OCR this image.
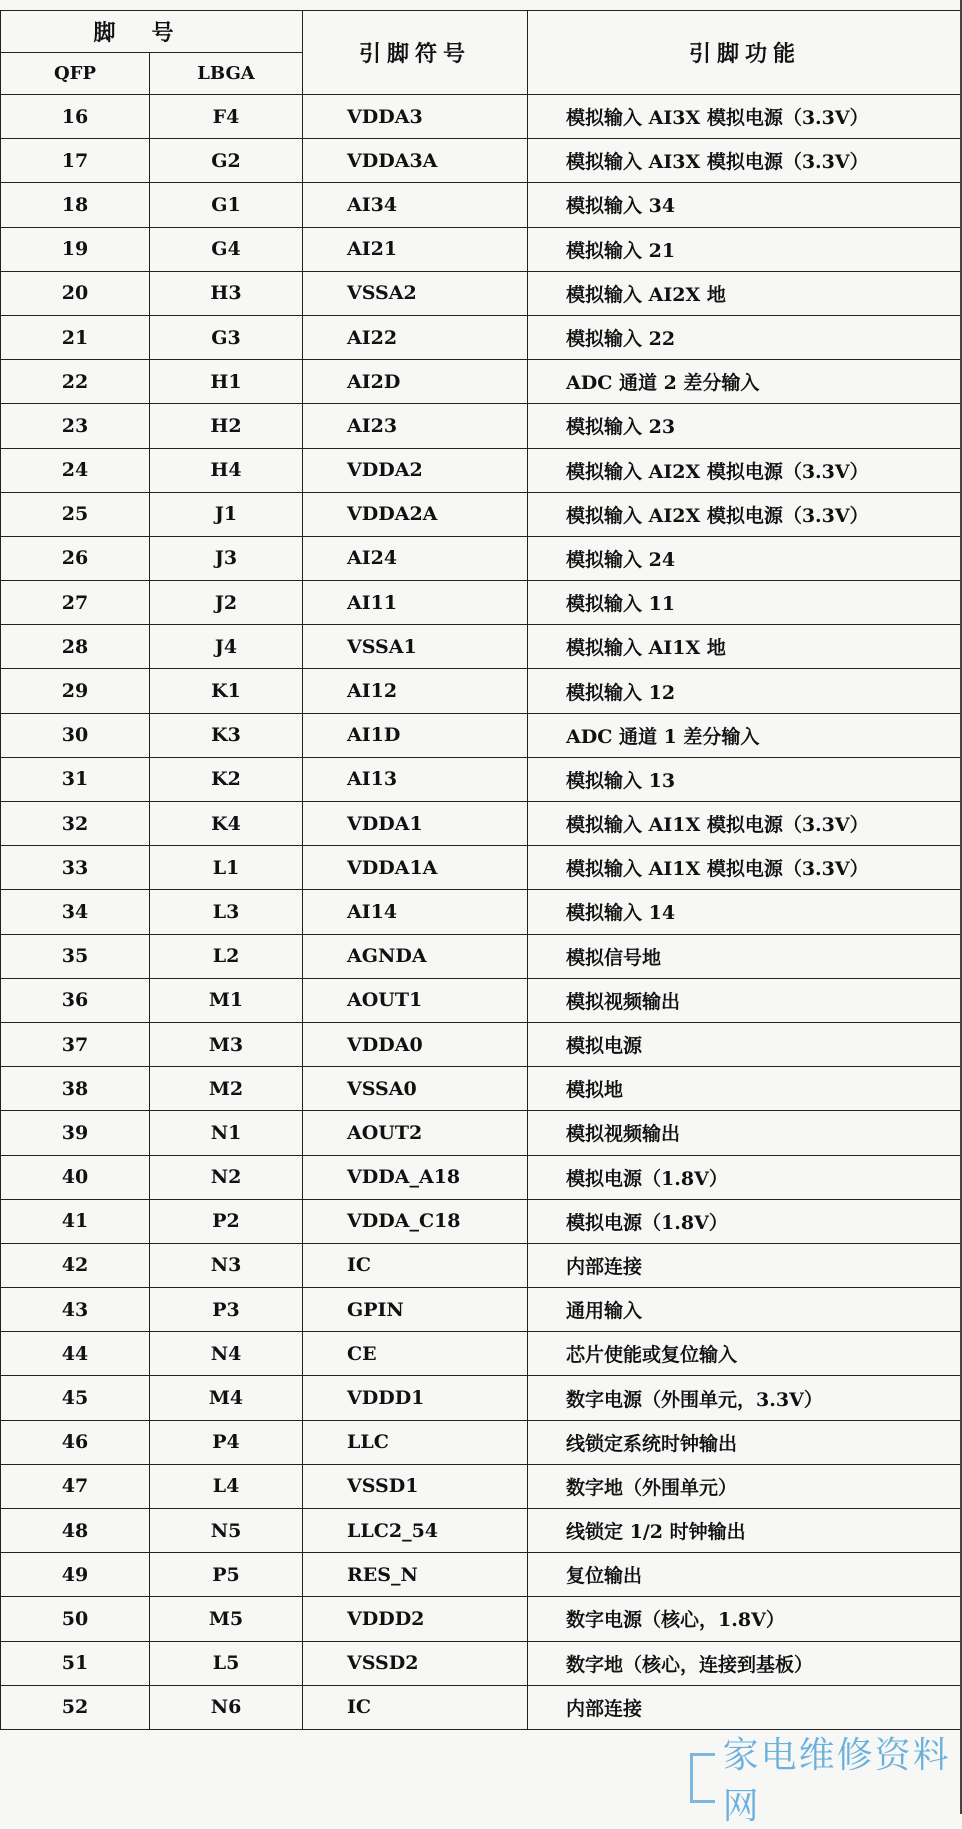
脚号		引脚符号	引脚功能
QFP	LBGA		
16	F4	VDDA3	模拟输入 AI3X 模拟电源（3.3V）
17	G2	VDDA3A	模拟输入 AI3X 模拟电源（3.3V）
18	G1	AI34	模拟输入 34
19	G4	AI21	模拟输入 21
20	H3	VSSA2	模拟输入 AI2X 地
21	G3	AI22	模拟输入 22
22	H1	AI2D	ADC 通道 2 差分输入
23	H2	AI23	模拟输入 23
24	H4	VDDA2	模拟输入 AI2X 模拟电源（3.3V）
25	J1	VDDA2A	模拟输入 AI2X 模拟电源（3.3V）
26	J3	AI24	模拟输入 24
27	J2	AI11	模拟输入 11
28	J4	VSSA1	模拟输入 AI1X 地
29	K1	AI12	模拟输入 12
30	K3	AI1D	ADC 通道 1 差分输入
31	K2	AI13	模拟输入 13
32	K4	VDDA1	模拟输入 AI1X 模拟电源（3.3V）
33	L1	VDDA1A	模拟输入 AI1X 模拟电源（3.3V）
34	L3	AI14	模拟输入 14
35	L2	AGNDA	模拟信号地
36	M1	AOUT1	模拟视频输出
37	M3	VDDA0	模拟电源
38	M2	VSSA0	模拟地
39	N1	AOUT2	模拟视频输出
40	N2	VDDA_A18	模拟电源（1.8V）
41	P2	VDDA_C18	模拟电源（1.8V）
42	N3	IC	内部连接
43	P3	GPIN	通用输入
44	N4	CE	芯片使能或复位输入
45	M4	VDDD1	数字电源（外围单元，3.3V）
46	P4	LLC	线锁定系统时钟输出
47	L4	VSSD1	数字地（外围单元）
48	N5	LLC2_54	线锁定 1/2 时钟输出
49	P5	RES_N	复位输出
50	M5	VDDD2	数字电源（核心，1.8V）
51	L5	VSSD2	数字地（核心，连接到基板）
52	N6	IC	内部连接
家电维修资料网
